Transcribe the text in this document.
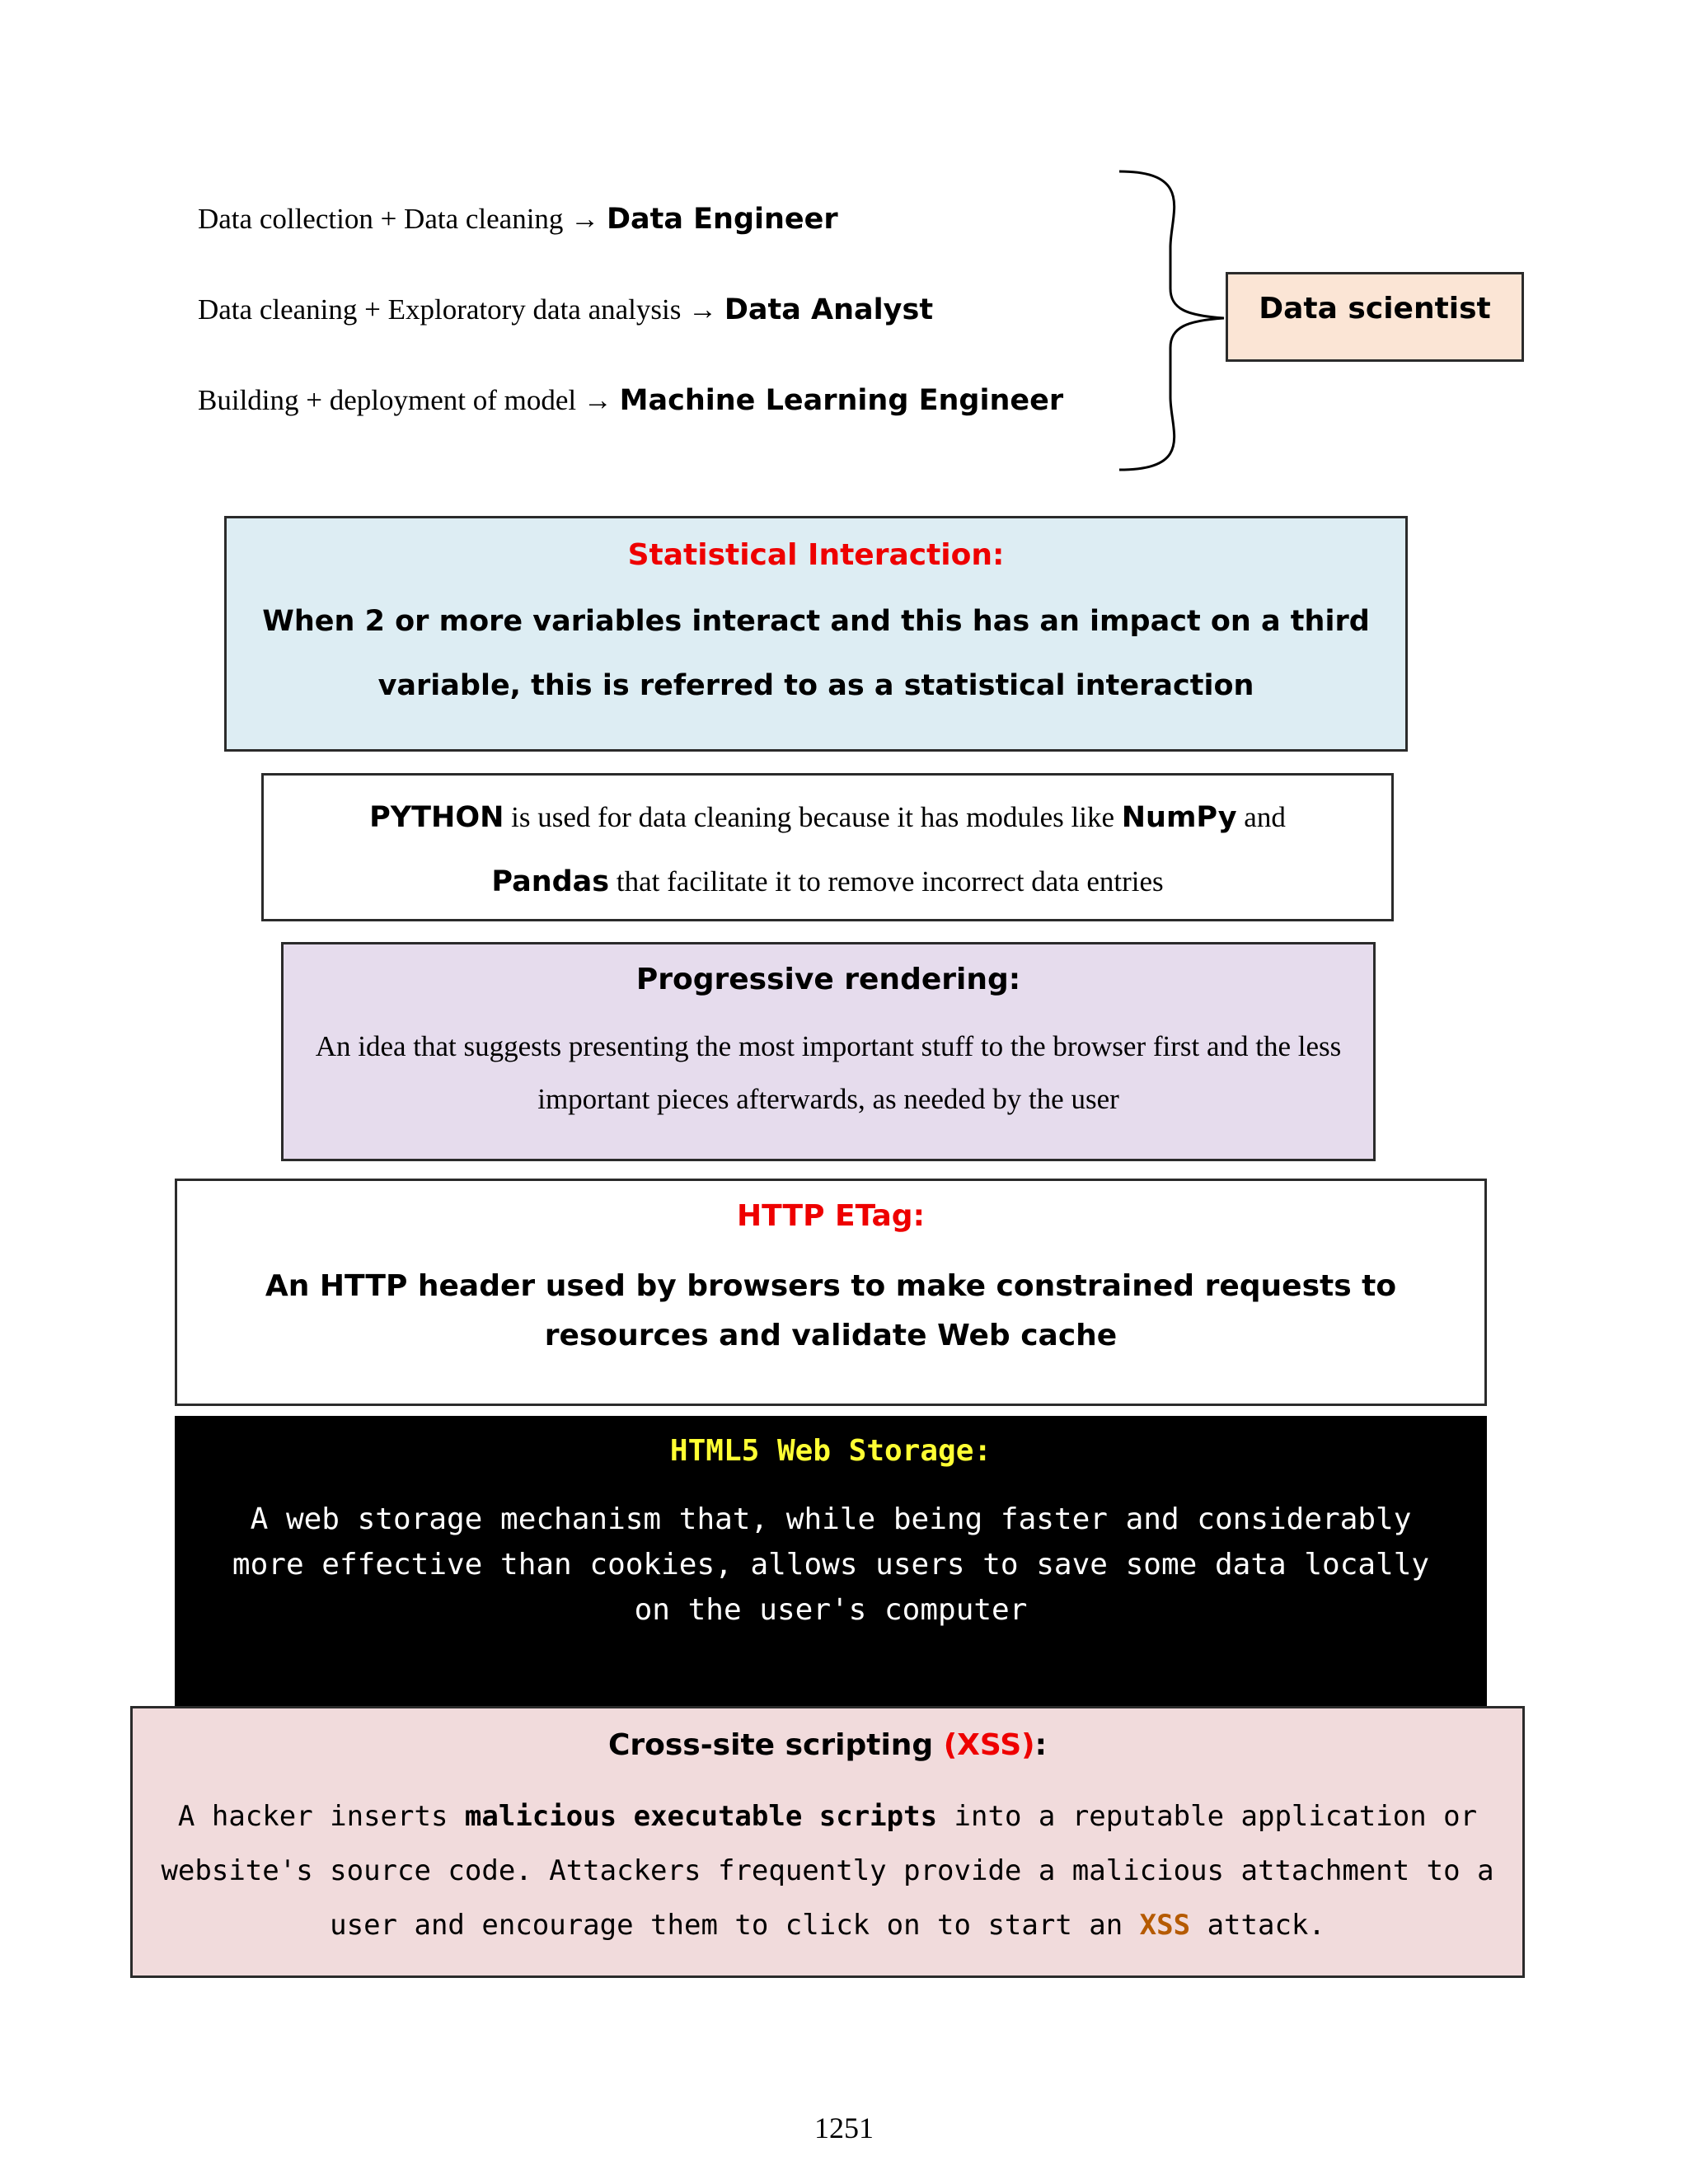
Data collection + Data cleaning → Data Engineer
Data cleaning + Exploratory data analysis → Data Analyst
Building + deployment of model → Machine Learning Engineer
Data scientist
Statistical Interaction:
When 2 or more variables interact and this has an impact on a third variable, this is referred to as a statistical interaction
PYTHON is used for data cleaning because it has modules like NumPy and
Pandas that facilitate it to remove incorrect data entries
Progressive rendering:
An idea that suggests presenting the most important stuff to the browser first and the less important pieces afterwards, as needed by the user
HTTP ETag:
An HTTP header used by browsers to make constrained requests to resources and validate Web cache
HTML5 Web Storage:
A web storage mechanism that, while being faster and considerably
more effective than cookies, allows users to save some data locally
on the user's computer
Cross-site scripting (XSS):
A hacker inserts malicious executable scripts into a reputable application or website's source code. Attackers frequently provide a malicious attachment to a user and encourage them to click on to start an XSS attack.
1251
